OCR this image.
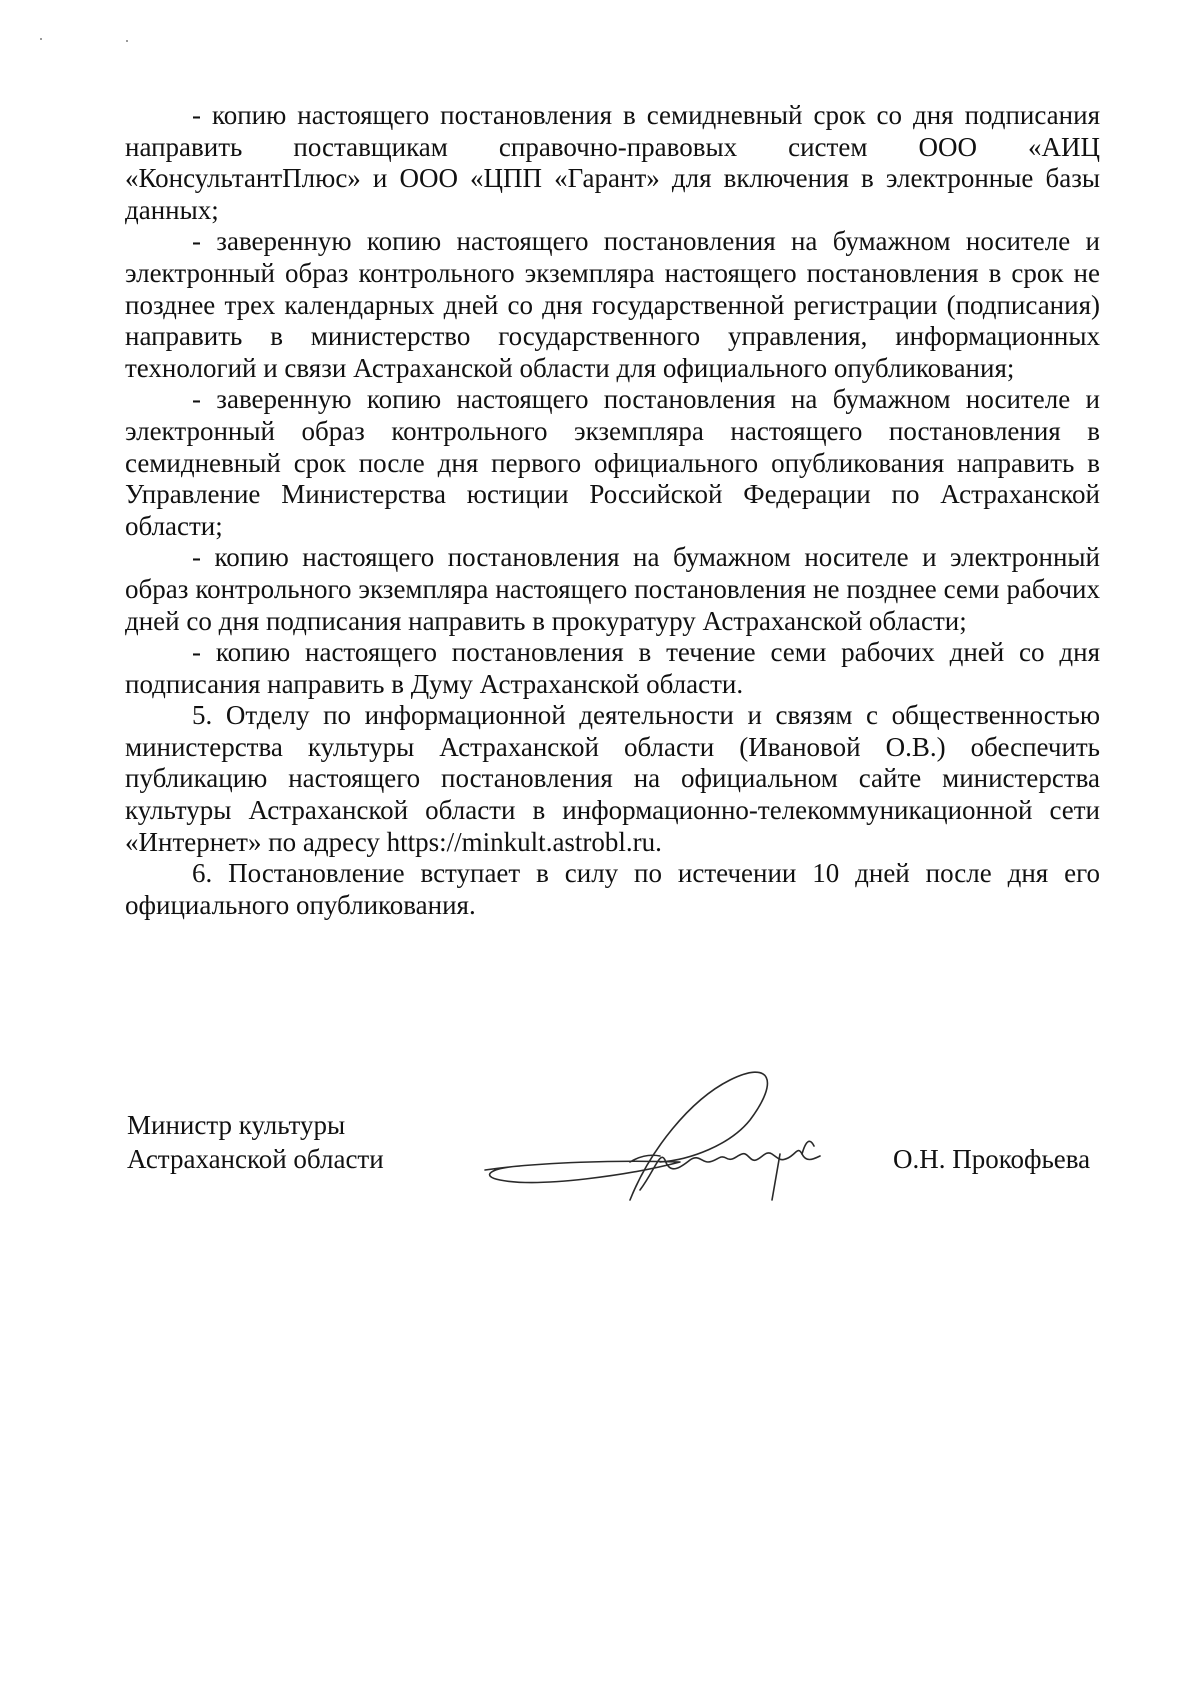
- копию настоящего постановления в семидневный срок со дня подписания направить поставщикам справочно-правовых систем ООО «АИЦ «КонсультантПлюс» и ООО «ЦПП «Гарант» для включения в электронные базы данных;

- заверенную копию настоящего постановления на бумажном носителе и электронный образ контрольного экземпляра настоящего постановления в срок не позднее трех календарных дней со дня государственной регистрации (подписания) направить в министерство государственного управления, информационных технологий и связи Астраханской области для официального опубликования;

- заверенную копию настоящего постановления на бумажном носителе и электронный образ контрольного экземпляра настоящего постановления в семидневный срок после дня первого официального опубликования направить в Управление Министерства юстиции Российской Федерации по Астраханской области;

- копию настоящего постановления на бумажном носителе и электронный образ контрольного экземпляра настоящего постановления не позднее семи рабочих дней со дня подписания направить в прокуратуру Астраханской области;

- копию настоящего постановления в течение семи рабочих дней со дня подписания направить в Думу Астраханской области.

5. Отделу по информационной деятельности и связям с общественностью министерства культуры Астраханской области (Ивановой О.В.) обеспечить публикацию настоящего постановления на официальном сайте министерства культуры Астраханской области в информационно-телекоммуникационной сети «Интернет» по адресу https://minkult.astrobl.ru.

6. Постановление вступает в силу по истечении 10 дней после дня его официального опубликования.

Министр культуры
Астраханской области	О.Н. Прокофьева
